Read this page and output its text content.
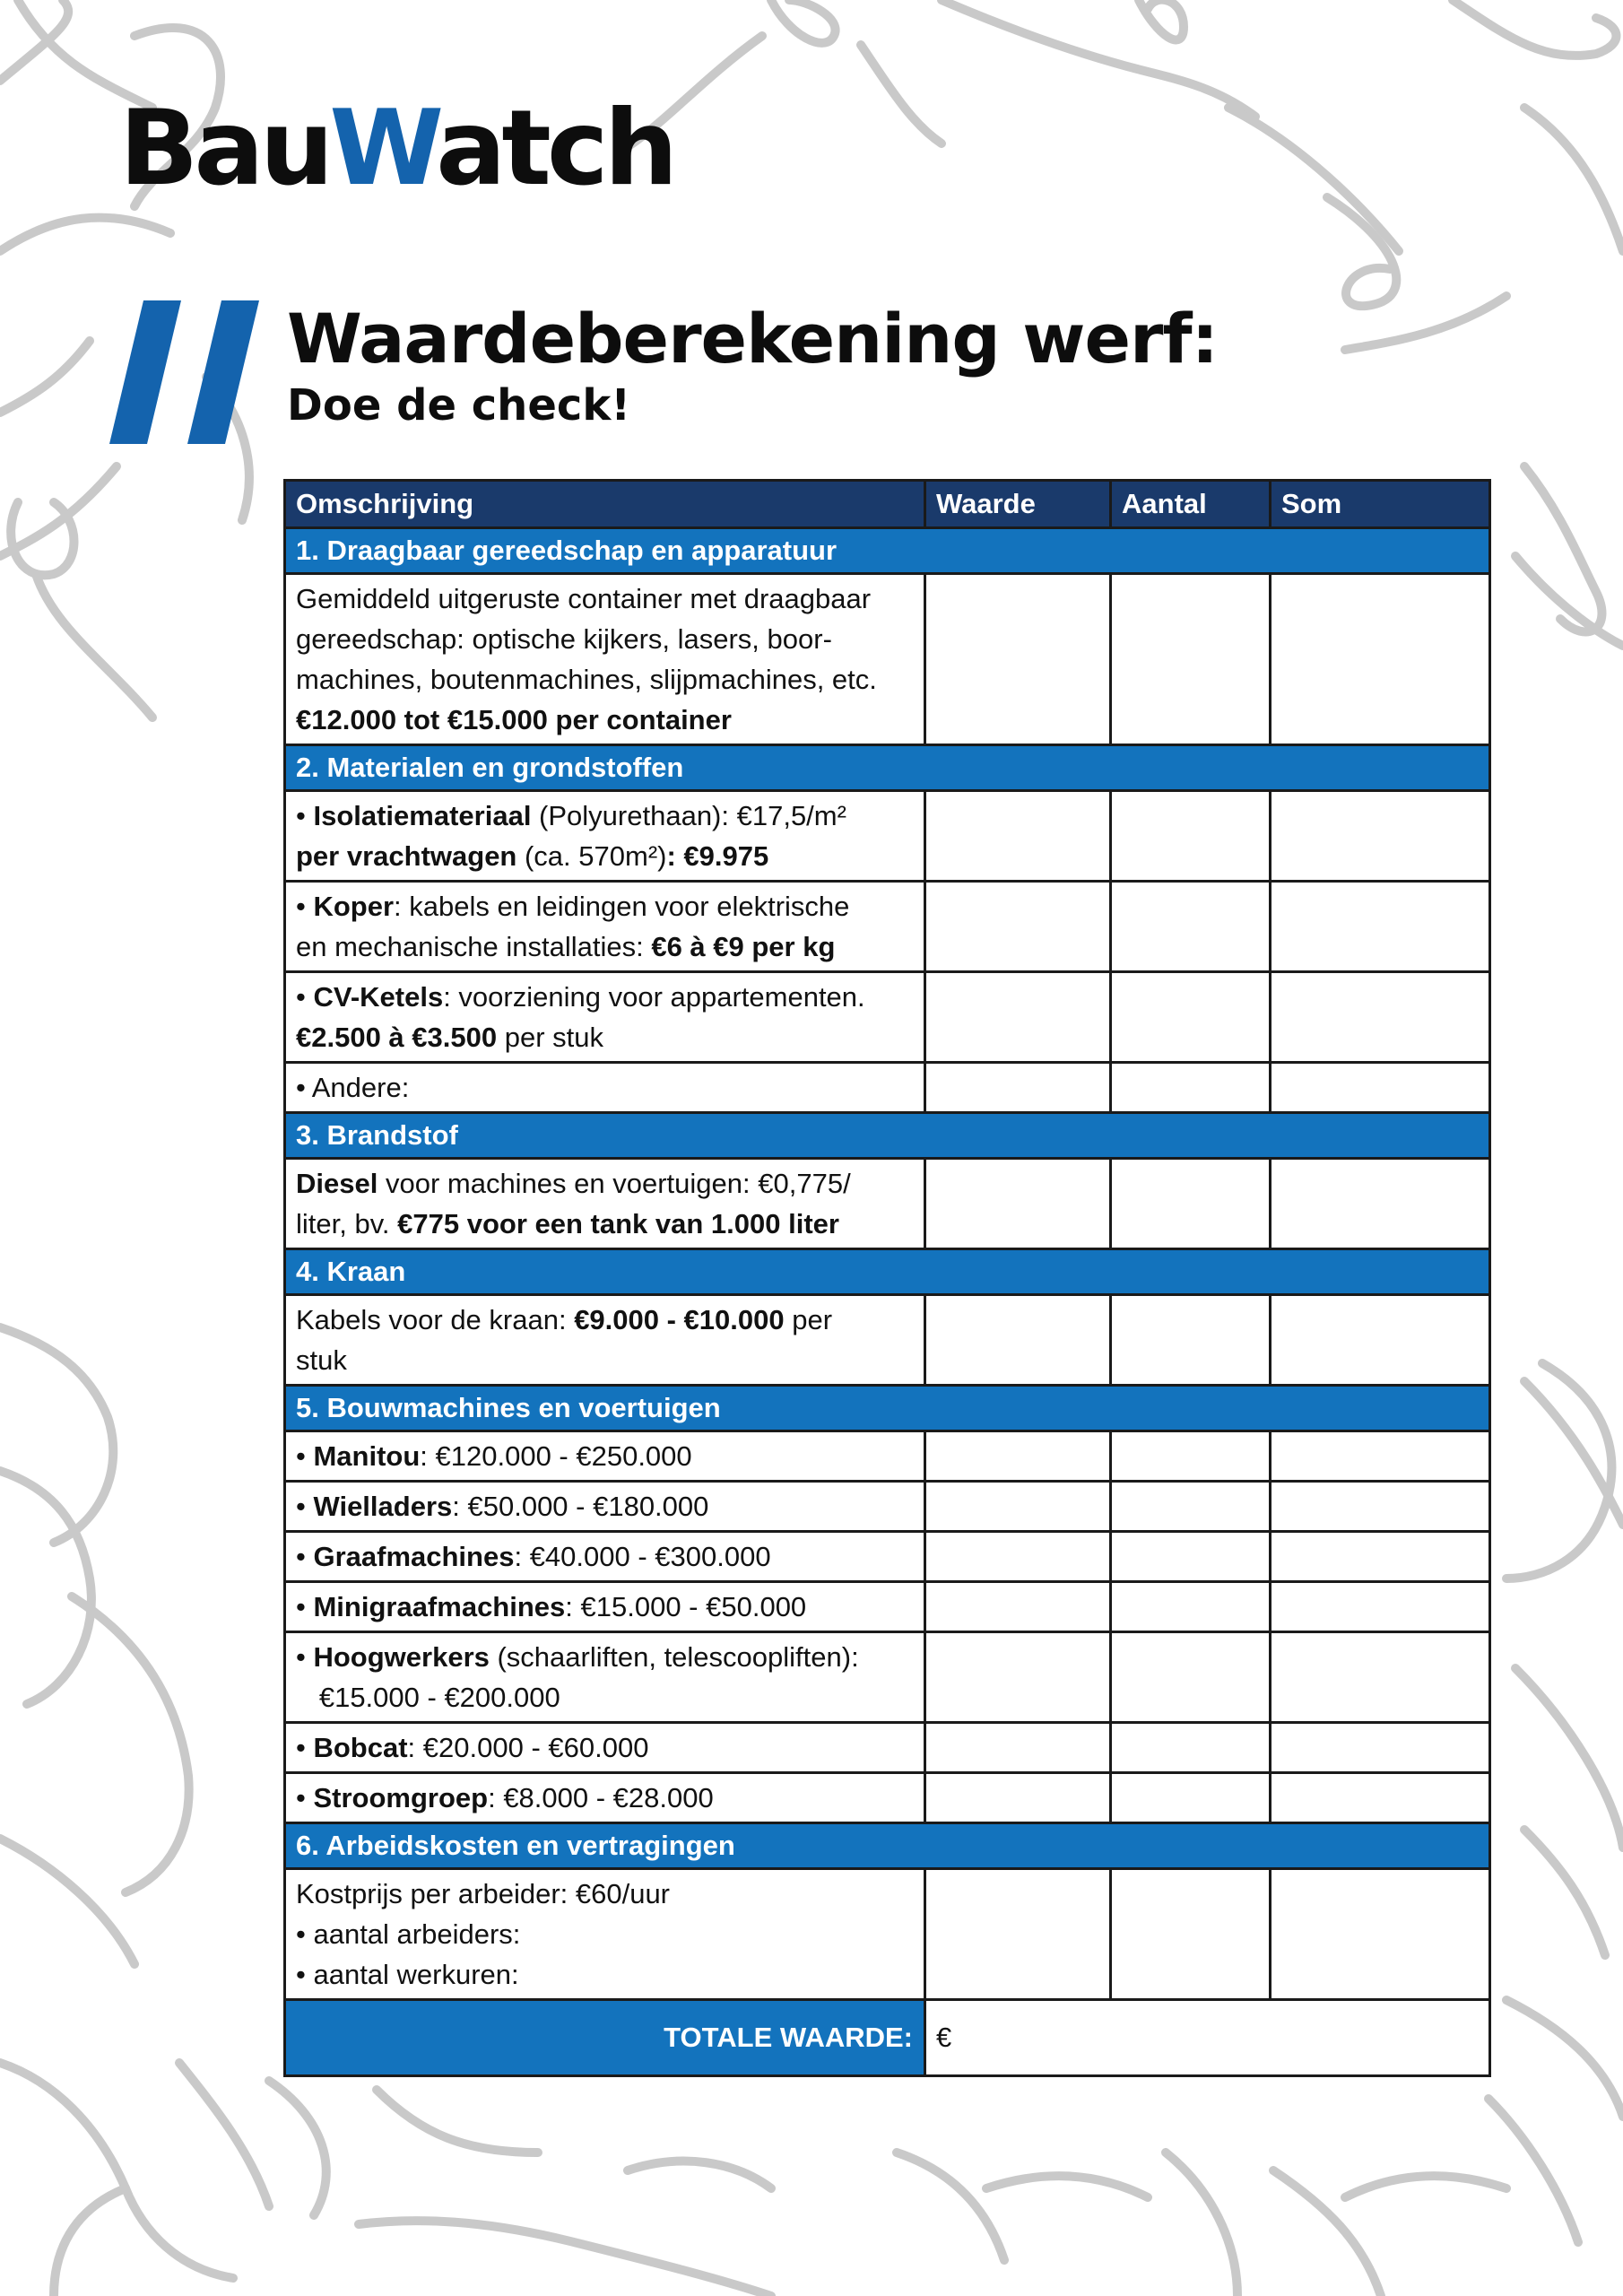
BauWatch
Waardeberekening werf:
Doe de check!
Omschrijving	Waarde	Aantal	Som
1. Draagbaar gereedschap en apparatuur			

Gemiddeld uitgeruste container met draagbaar
gereedschap: optische kijkers, lasers, boor-
machines, boutenmachines, slijpmachines, etc.
€12.000 tot €15.000 per container			

2. Materialen en grondstoffen			

• Isolatiemateriaal (Polyurethaan): €17,5/m²
per vrachtwagen (ca. 570m²): €9.975			

• Koper: kabels en leidingen voor elektrische
en mechanische installaties: €6 à €9 per kg			

• CV-Ketels: voorziening voor appartementen.
€2.500 à €3.500 per stuk			

• Andere:			

3. Brandstof			

Diesel voor machines en voertuigen: €0,775/
liter, bv. €775 voor een tank van 1.000 liter			

4. Kraan			

Kabels voor de kraan: €9.000 - €10.000 per
stuk			

5. Bouwmachines en voertuigen			

• Manitou: €120.000 - €250.000			

• Wielladers: €50.000 - €180.000			

• Graafmachines: €40.000 - €300.000			

• Minigraafmachines: €15.000 - €50.000			

• Hoogwerkers (schaarliften, telescoopliften):
€15.000 - €200.000			

• Bobcat: €20.000 - €60.000			

• Stroomgroep: €8.000 - €28.000			

6. Arbeidskosten en vertragingen			

Kostprijs per arbeider: €60/uur
• aantal arbeiders:
• aantal werkuren:			

TOTALE WAARDE:	€		
